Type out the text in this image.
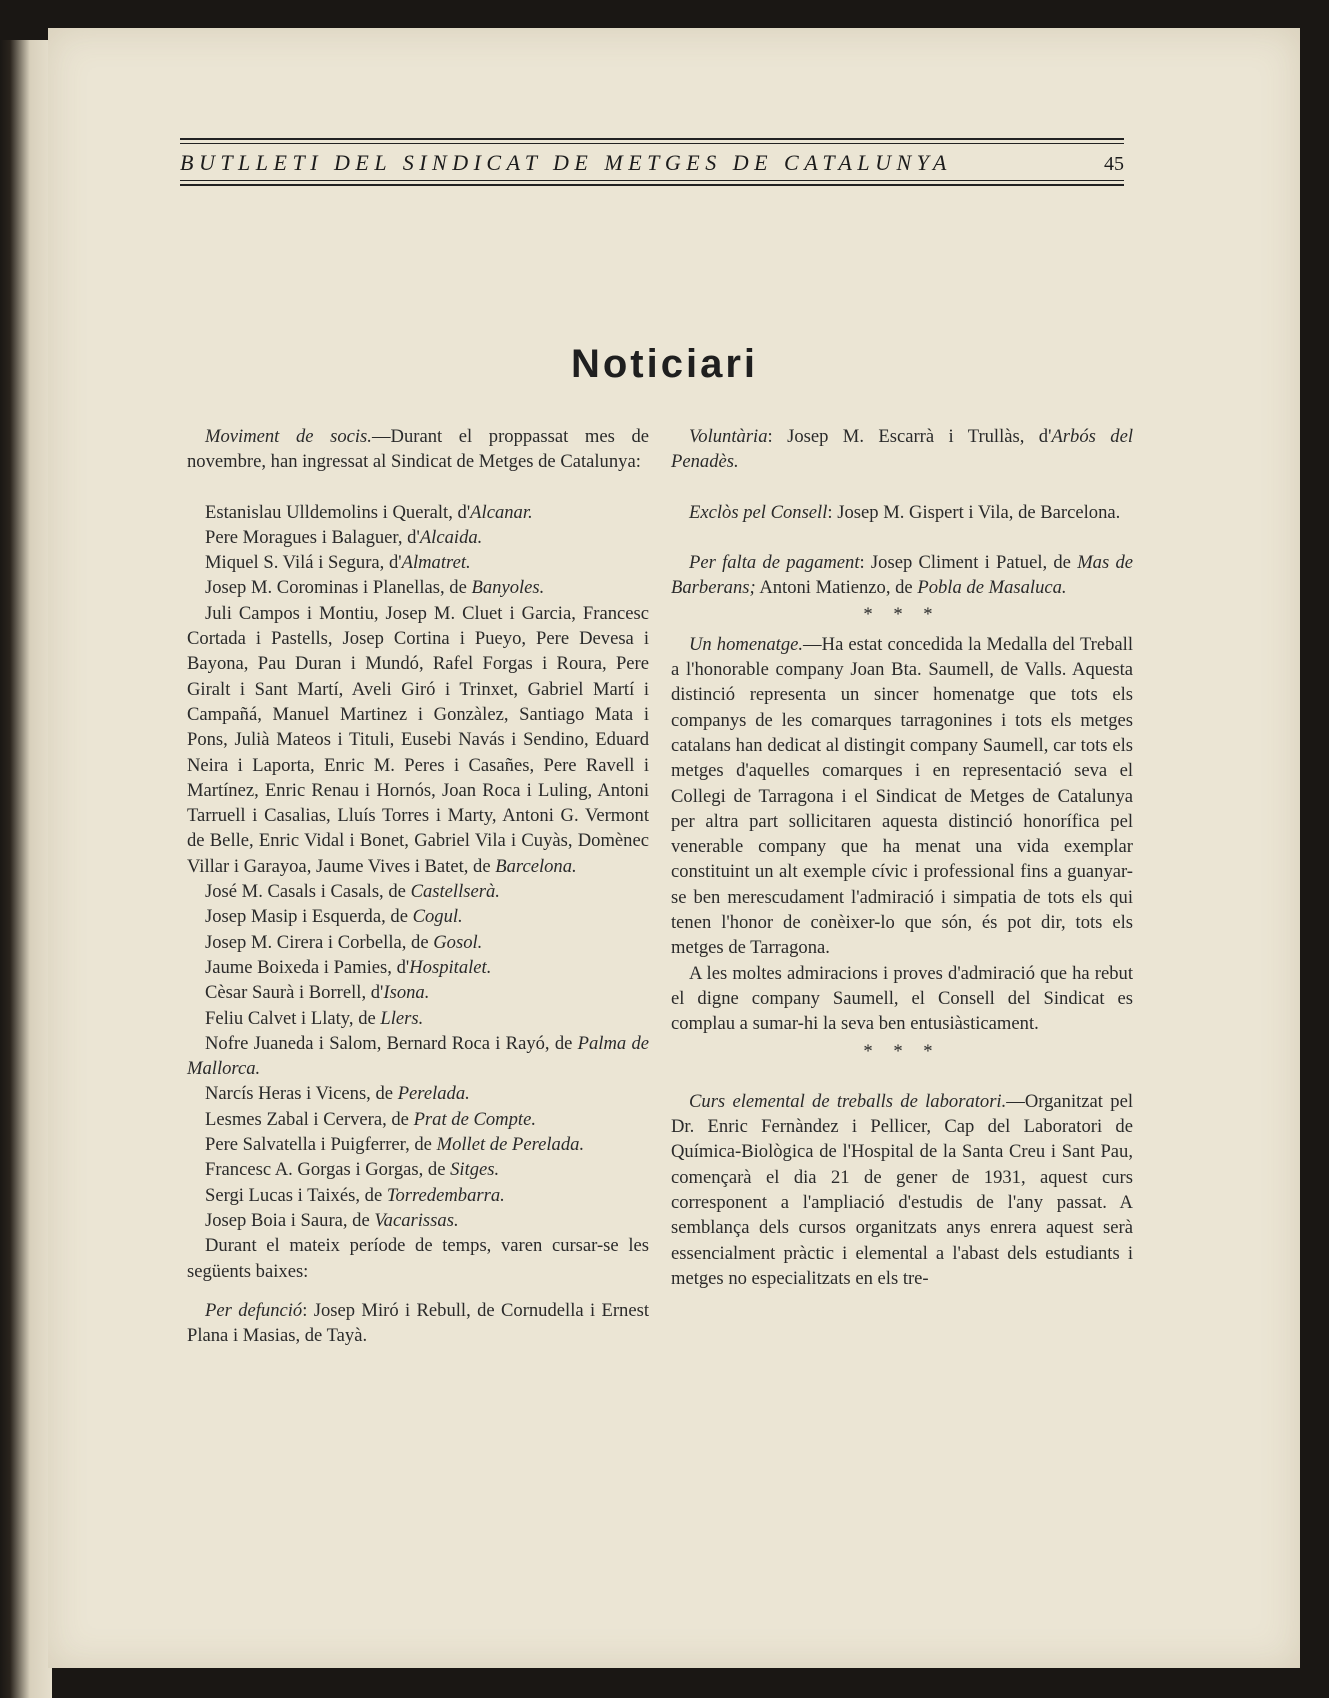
BUTLLETI DEL SINDICAT DE METGES DE CATALUNYA	45
Noticiari

Moviment de socis.—Durant el proppassat mes de novembre, han ingressat al Sindicat de Metges de Catalunya:

Estanislau Ulldemolins i Queralt, d'Alcanar.

Pere Moragues i Balaguer, d'Alcaida.

Miquel S. Vilá i Segura, d'Almatret.

Josep M. Corominas i Planellas, de Banyoles.

Juli Campos i Montiu, Josep M. Cluet i Garcia, Francesc Cortada i Pastells, Josep Cortina i Pueyo, Pere Devesa i Bayona, Pau Duran i Mundó, Rafel Forgas i Roura, Pere Giralt i Sant Martí, Aveli Giró i Trinxet, Gabriel Martí i Campañá, Manuel Martinez i Gonzàlez, Santiago Mata i Pons, Julià Mateos i Tituli, Eusebi Navás i Sendino, Eduard Neira i Laporta, Enric M. Peres i Casañes, Pere Ravell i Martínez, Enric Renau i Hornós, Joan Roca i Luling, Antoni Tarruell i Casalias, Lluís Torres i Marty, Antoni G. Vermont de Belle, Enric Vidal i Bonet, Gabriel Vila i Cuyàs, Domènec Villar i Garayoa, Jaume Vives i Batet, de Barcelona.

José M. Casals i Casals, de Castellserà.

Josep Masip i Esquerda, de Cogul.

Josep M. Cirera i Corbella, de Gosol.

Jaume Boixeda i Pamies, d'Hospitalet.

Cèsar Saurà i Borrell, d'Isona.

Feliu Calvet i Llaty, de Llers.

Nofre Juaneda i Salom, Bernard Roca i Rayó, de Palma de Mallorca.

Narcís Heras i Vicens, de Perelada.

Lesmes Zabal i Cervera, de Prat de Compte.

Pere Salvatella i Puigferrer, de Mollet de Perelada.

Francesc A. Gorgas i Gorgas, de Sitges.

Sergi Lucas i Taixés, de Torredembarra.

Josep Boia i Saura, de Vacarissas.

Durant el mateix període de temps, varen cursar-se les següents baixes:

Per defunció: Josep Miró i Rebull, de Cornudella i Ernest Plana i Masias, de Tayà.

Voluntària: Josep M. Escarrà i Trullàs, d'Arbós del Penadès.

Exclòs pel Consell: Josep M. Gispert i Vila, de Barcelona.

Per falta de pagament: Josep Climent i Patuel, de Mas de Barberans; Antoni Matienzo, de Pobla de Masaluca.

* * *

Un homenatge.—Ha estat concedida la Medalla del Treball a l'honorable company Joan Bta. Saumell, de Valls. Aquesta distinció representa un sincer homenatge que tots els companys de les comarques tarragonines i tots els metges catalans han dedicat al distingit company Saumell, car tots els metges d'aquelles comarques i en representació seva el Collegi de Tarragona i el Sindicat de Metges de Catalunya per altra part sollicitaren aquesta distinció honorífica pel venerable company que ha menat una vida exemplar constituint un alt exemple cívic i professional fins a guanyar-se ben merescudament l'admiració i simpatia de tots els qui tenen l'honor de conèixer-lo que són, és pot dir, tots els metges de Tarragona.

A les moltes admiracions i proves d'admiració que ha rebut el digne company Saumell, el Consell del Sindicat es complau a sumar-hi la seva ben entusiàsticament.

* * *

Curs elemental de treballs de laboratori.—Organitzat pel Dr. Enric Fernàndez i Pellicer, Cap del Laboratori de Química-Biològica de l'Hospital de la Santa Creu i Sant Pau, començarà el dia 21 de gener de 1931, aquest curs corresponent a l'ampliació d'estudis de l'any passat. A semblança dels cursos organitzats anys enrera aquest serà essencialment pràctic i elemental a l'abast dels estudiants i metges no especialitzats en els tre-
